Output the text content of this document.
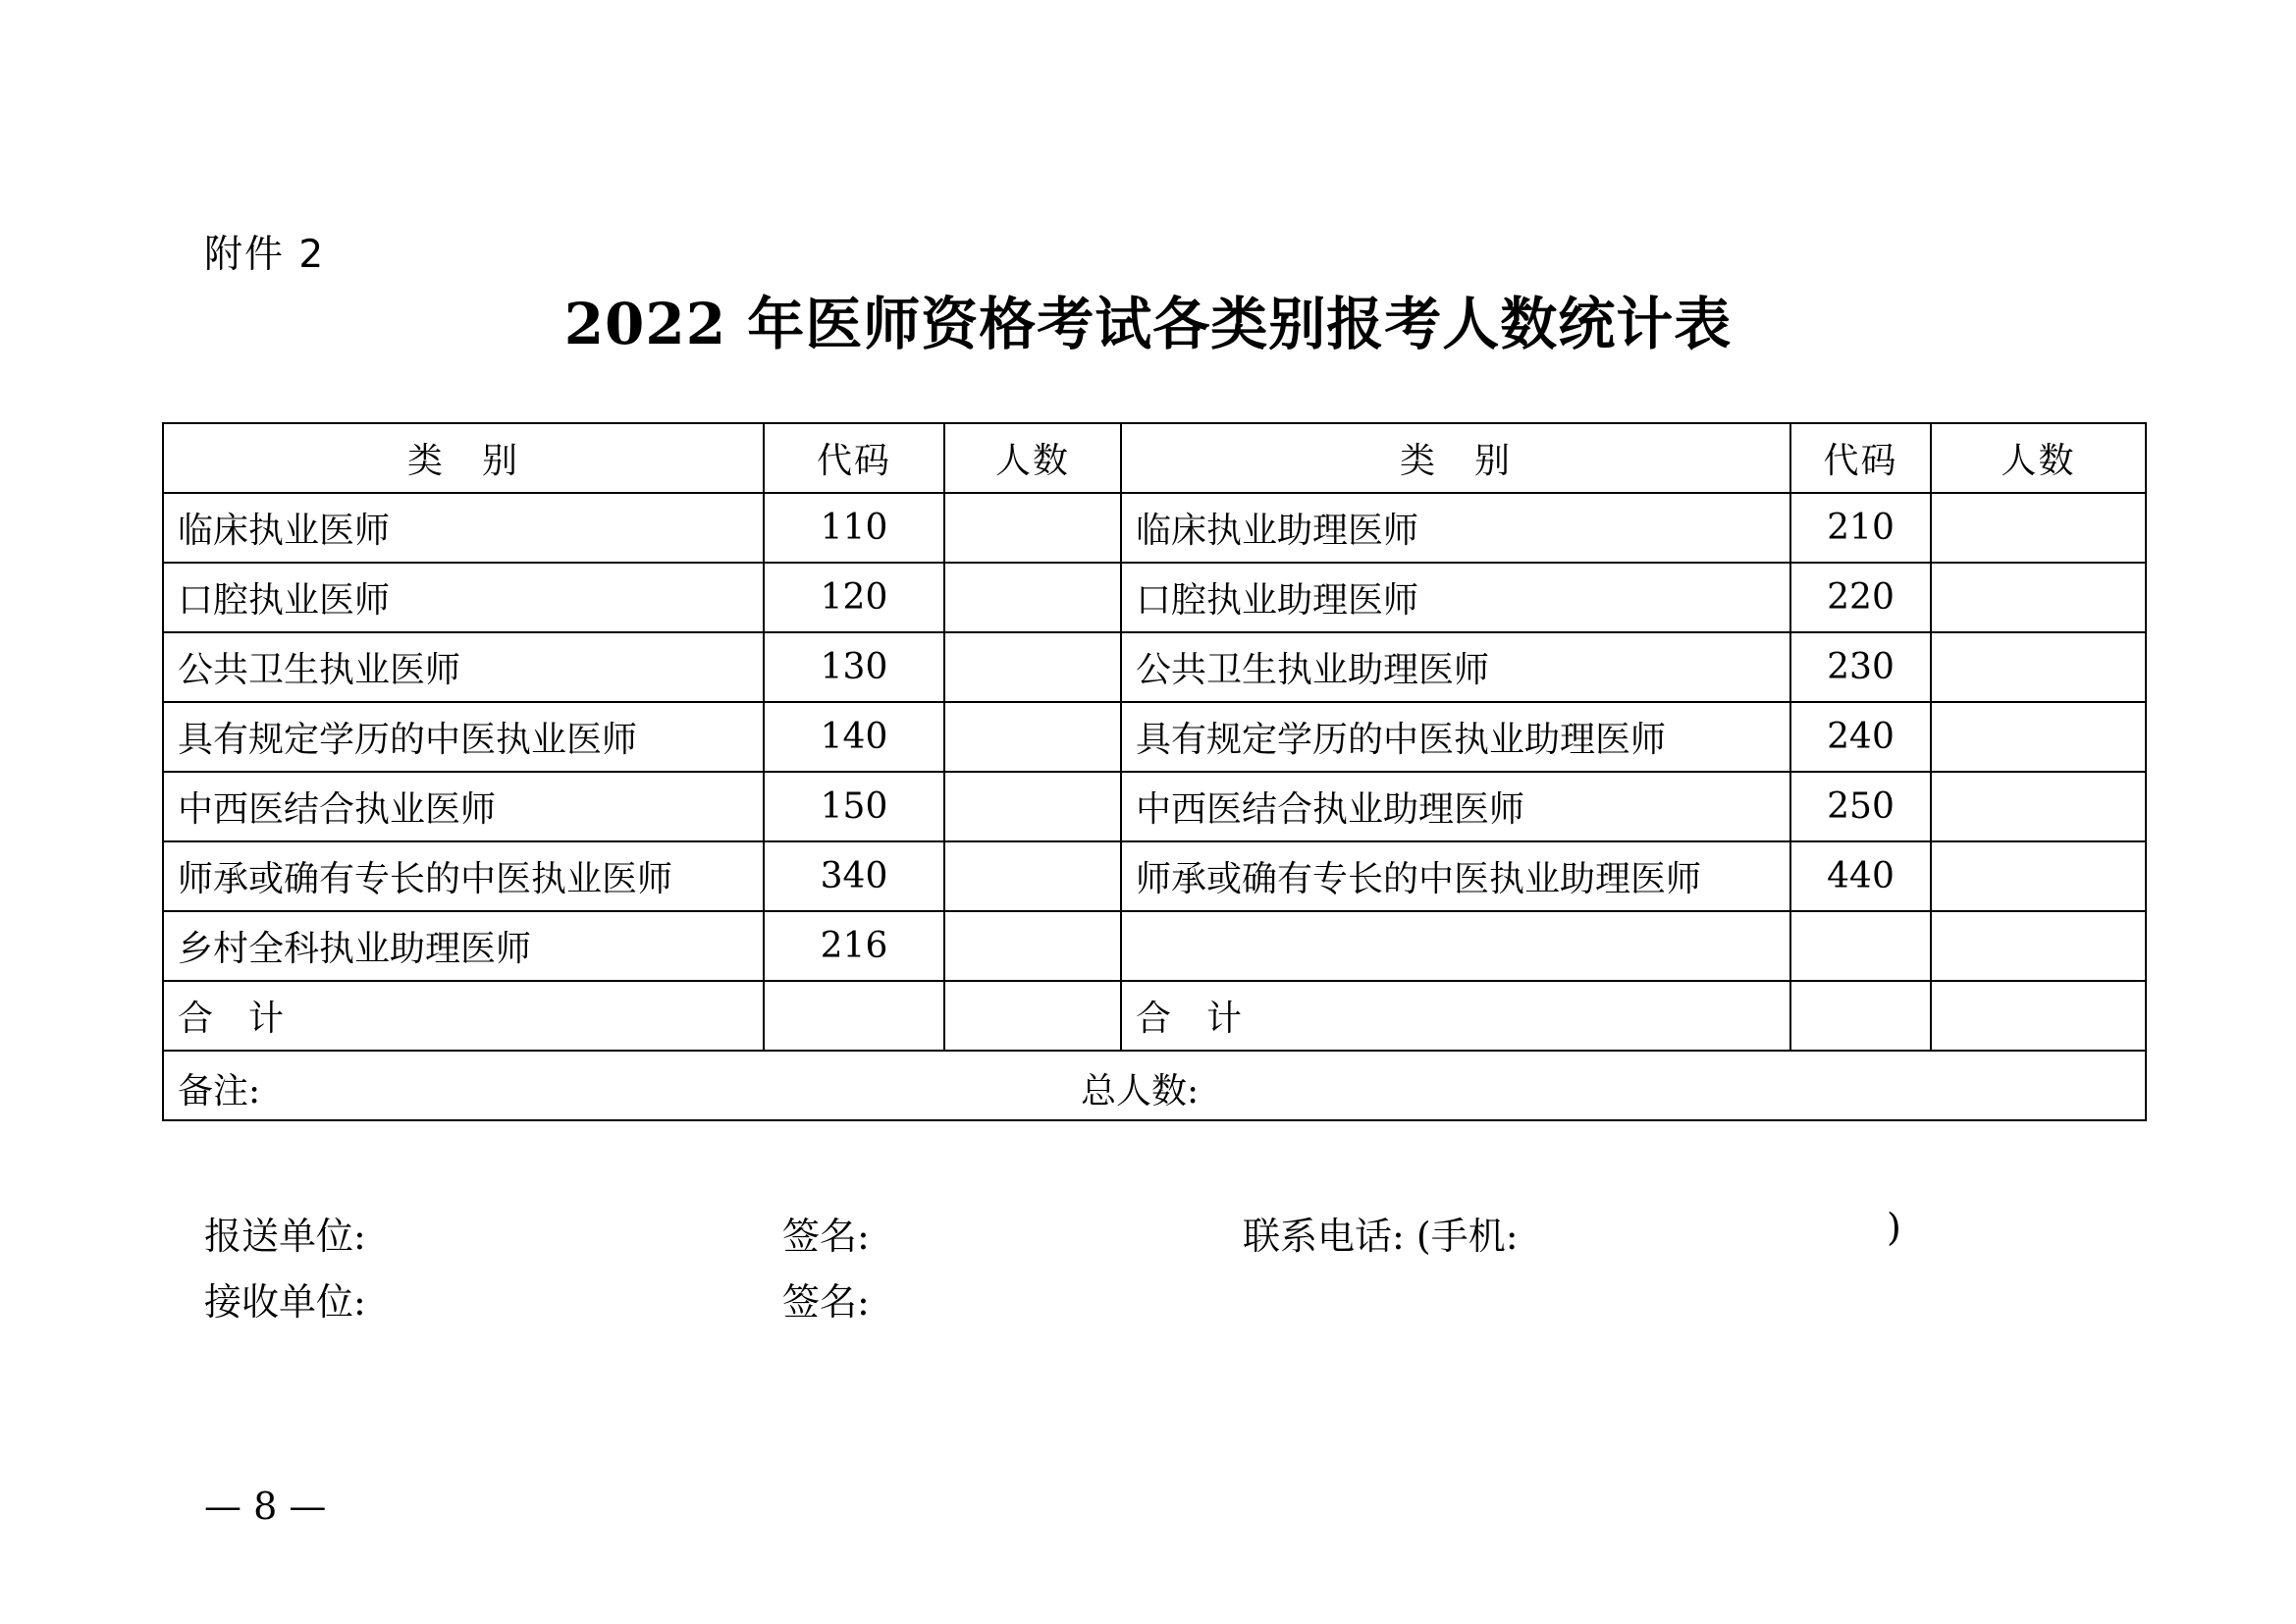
附件 2
2022 年医师资格考试各类别报考人数统计表
类　别	代码	人数	类　别	代码	人数
临床执业医师	110		临床执业助理医师	210	
口腔执业医师	120		口腔执业助理医师	220	
公共卫生执业医师	130		公共卫生执业助理医师	230	
具有规定学历的中医执业医师	140		具有规定学历的中医执业助理医师	240	
中西医结合执业医师	150		中西医结合执业助理医师	250	
师承或确有专长的中医执业医师	340		师承或确有专长的中医执业助理医师	440	
乡村全科执业助理医师	216				
合　计			合　计		

备注: 总人数:					
报送单位:	签名:	联系电话: (手机:	)
接收单位:	签名:
— 8 —
